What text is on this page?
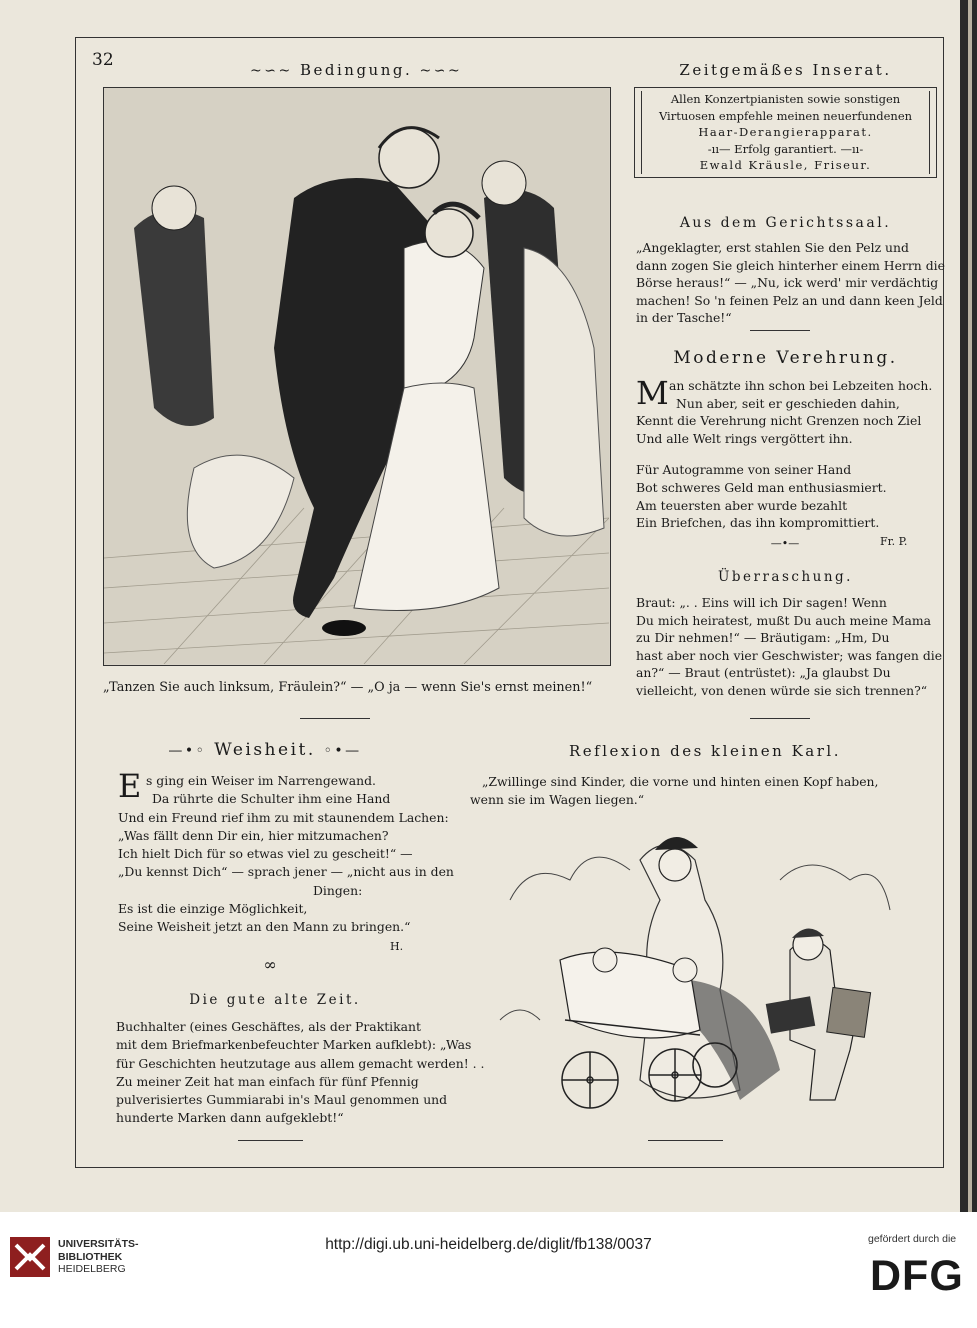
32
~∽~ Bedingung. ~∽~
„Tanzen Sie auch linksum, Fräulein?“ — „O ja — wenn Sie's ernst meinen!“
Zeitgemäßes Inserat.
Allen Konzertpianisten sowie sonstigen
Virtuosen empfehle meinen neuerfundenen
Haar-Derangierapparat.
-ıı— Erfolg garantiert. —ıı-
Ewald Kräusle, Friseur.
Aus dem Gerichtssaal.
„Angeklagter, erst stahlen Sie den Pelz und
dann zogen Sie gleich hinterher einem Herrn die
Börse heraus!“ — „Nu, ick werd' mir verdächtig
machen! So 'n feinen Pelz an und dann keen Jeld
in der Tasche!“
Moderne Verehrung.
M an schätzte ihn schon bei Lebzeiten hoch.
Nun aber, seit er geschieden dahin,
Kennt die Verehrung nicht Grenzen noch Ziel
Und alle Welt rings vergöttert ihn.
Für Autogramme von seiner Hand
Bot schweres Geld man enthusiasmiert.
Am teuersten aber wurde bezahlt
Ein Briefchen, das ihn kompromittiert.
Fr. P.
—•—
Überraschung.
Braut: „. . Eins will ich Dir sagen! Wenn
Du mich heiratest, mußt Du auch meine Mama
zu Dir nehmen!“ — Bräutigam: „Hm, Du
hast aber noch vier Geschwister; was fangen die
an?“ — Braut (entrüstet): „Ja glaubst Du
vielleicht, von denen würde sie sich trennen?“
—•◦ Weisheit. ◦•—
E s ging ein Weiser im Narrengewand.
Da rührte die Schulter ihm eine Hand
Und ein Freund rief ihm zu mit staunendem Lachen:
„Was fällt denn Dir ein, hier mitzumachen?
Ich hielt Dich für so etwas viel zu gescheit!“ —
„Du kennst Dich“ — sprach jener — „nicht aus in den
Dingen:
Es ist die einzige Möglichkeit,
Seine Weisheit jetzt an den Mann zu bringen.“
H.
∞
Die gute alte Zeit.
Buchhalter (eines Geschäftes, als der Praktikant
mit dem Briefmarkenbefeuchter Marken aufklebt): „Was
für Geschichten heutzutage aus allem gemacht werden! . .
Zu meiner Zeit hat man einfach für fünf Pfennig
pulverisiertes Gummiarabi in's Maul genommen und
hunderte Marken dann aufgeklebt!“
Reflexion des kleinen Karl.
„Zwillinge sind Kinder, die vorne und hinten einen Kopf haben,
wenn sie im Wagen liegen.“
UNIVERSITÄTS-
BIBLIOTHEK
HEIDELBERG
http://digi.ub.uni-heidelberg.de/diglit/fb138/0037	gefördert durch die
DFG
